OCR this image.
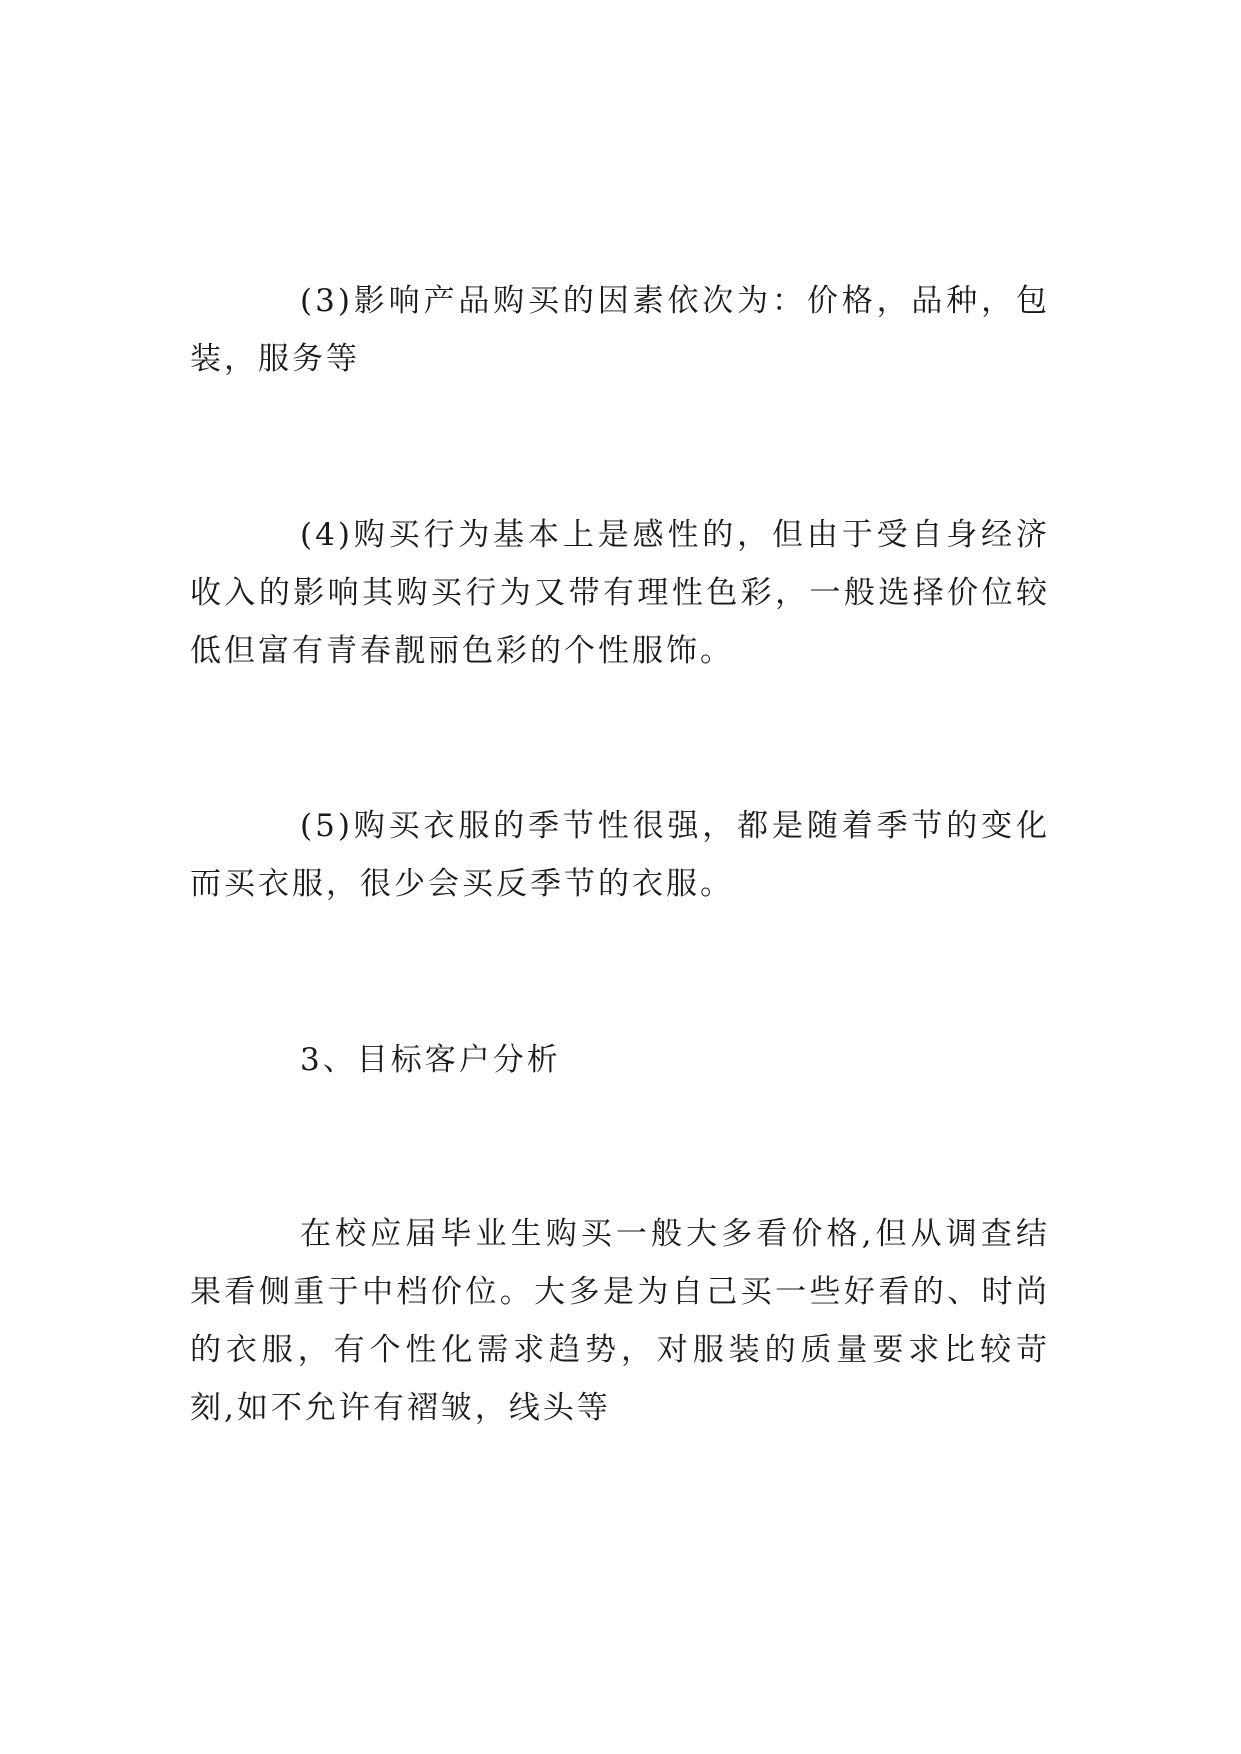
(3)影响产品购买的因素依次为：价格，品种，包装，服务等

(4)购买行为基本上是感性的，但由于受自身经济收入的影响其购买行为又带有理性色彩，一般选择价位较低但富有青春靓丽色彩的个性服饰。

(5)购买衣服的季节性很强，都是随着季节的变化而买衣服，很少会买反季节的衣服。

3、目标客户分析

在校应届毕业生购买一般大多看价格,但从调查结果看侧重于中档价位。大多是为自己买一些好看的、时尚的衣服，有个性化需求趋势，对服装的质量要求比较苛刻,如不允许有褶皱，线头等
